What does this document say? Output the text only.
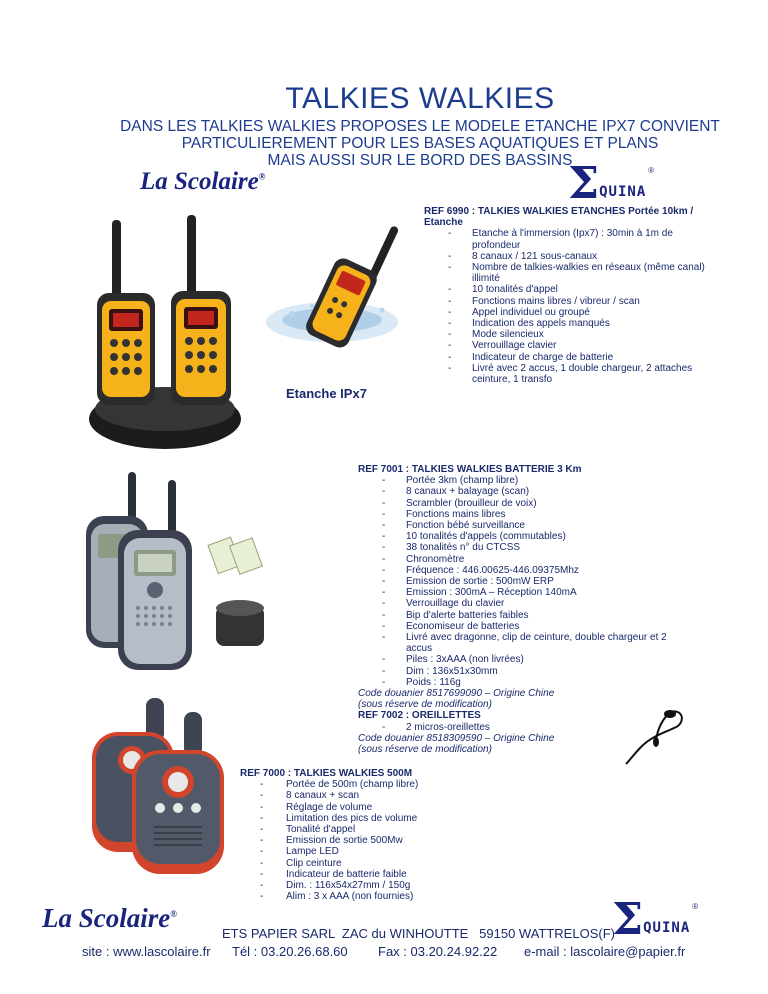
TALKIES WALKIES
DANS LES TALKIES WALKIES PROPOSES LE MODELE ETANCHE IPX7 CONVIENT
PARTICULIEREMENT POUR LES BASES AQUATIQUES ET PLANS
MAIS AUSSI SUR LE BORD DES BASSINS
La Scolaire®	Σ QUINA
®
Etanche IPx7
REF 6990 : TALKIES WALKIES ETANCHES Portée 10km / Etanche
- Etanche à l'immersion (Ipx7) : 30min à 1m de profondeur
- 8 canaux / 121 sous-canaux
- Nombre de talkies-walkies en réseaux (même canal) illimité
- 10 tonalités d'appel
- Fonctions mains libres / vibreur / scan
- Appel individuel ou groupé
- Indication des appels manqués
- Mode silencieux
- Verrouillage clavier
- Indicateur de charge de batterie
- Livré avec 2 accus, 1 double chargeur, 2 attaches ceinture, 1 transfo
REF 7001 : TALKIES WALKIES BATTERIE 3 Km
- Portée 3km (champ libre)
- 8 canaux + balayage (scan)
- Scrambler (brouilleur de voix)
- Fonctions mains libres
- Fonction bébé surveillance
- 10 tonalités d'appels (commutables)
- 38 tonalités n° du CTCSS
- Chronomètre
- Fréquence : 446.00625-446.09375Mhz
- Emission de sortie : 500mW ERP
- Emission : 300mA – Réception 140mA
- Verrouillage du clavier
- Bip d'alerte batteries faibles
- Economiseur de batteries
- Livré avec dragonne, clip de ceinture, double chargeur et 2 accus
- Piles : 3xAAA (non livrées)
- Dim : 136x51x30mm
- Poids : 116g
Code douanier 8517699090 – Origine Chine
(sous réserve de modification)
REF 7002 : OREILLETTES
- 2 micros-oreillettes
Code douanier 8518309590 – Origine Chine
(sous réserve de modification)
REF 7000 : TALKIES WALKIES 500M
- Portée de 500m (champ libre)
- 8 canaux + scan
- Réglage de volume
- Limitation des pics de volume
- Tonalité d'appel
- Emission de sortie 500Mw
- Lampe LED
- Clip ceinture
- Indicateur de batterie faible
- Dim. : 116x54x27mm / 150g
- Alim : 3 x AAA (non fournies)
La Scolaire®	Σ QUINA
®
ETS PAPIER SARL  ZAC du WINHOUTTE   59150 WATTRELOS(F)
site : www.lascolaire.fr Tél : 03.20.26.68.60 Fax : 03.20.24.92.22 e-mail : lascolaire@papier.fr
